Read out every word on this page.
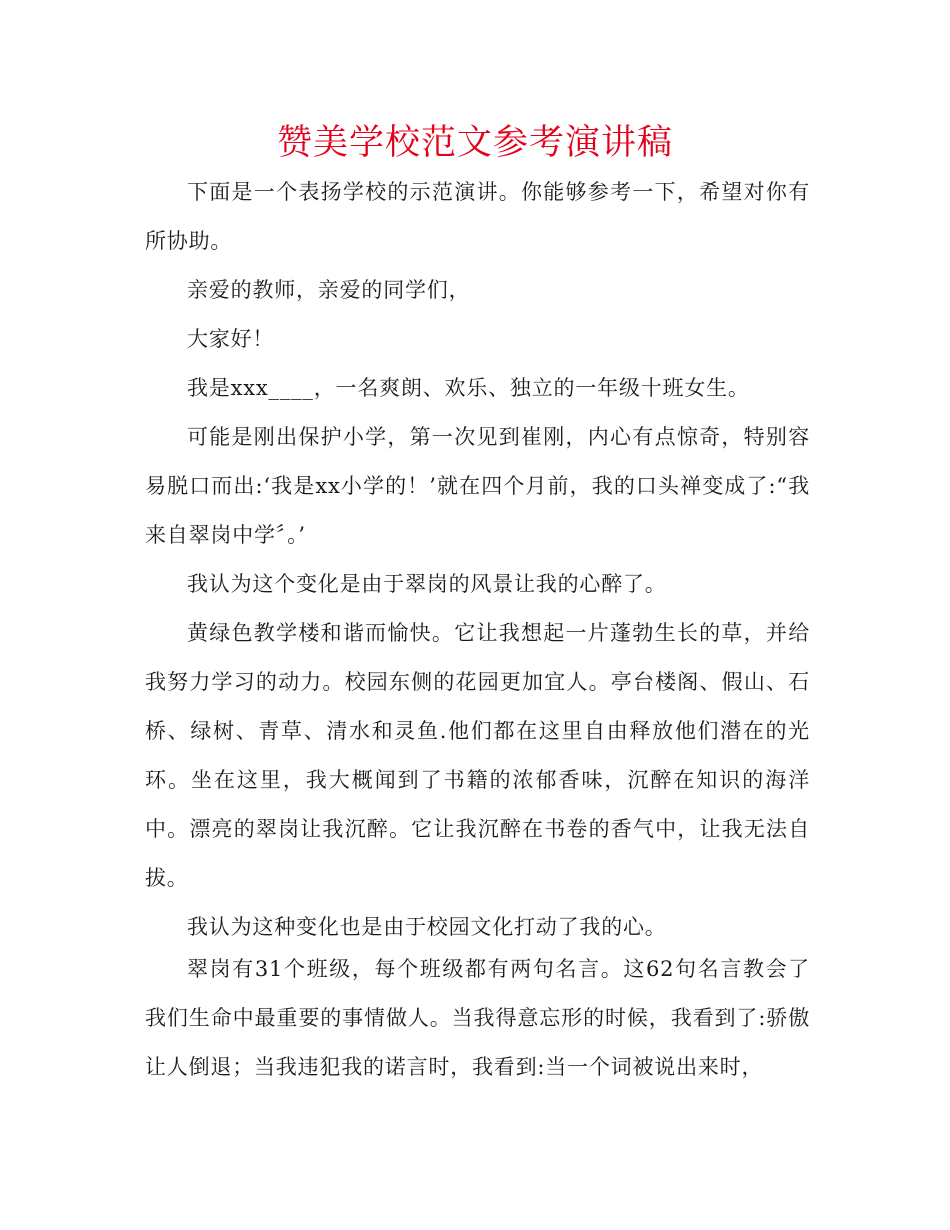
赞美学校范文参考演讲稿

下面是一个表扬学校的示范演讲。你能够参考一下，希望对你有所协助。

亲爱的教师，亲爱的同学们，

大家好！

我是xxx____，一名爽朗、欢乐、独立的一年级十班女生。

可能是刚出保护小学，第一次见到崔刚，内心有点惊奇，特别容易脱口而出:‘我是xx小学的！’就在四个月前，我的口头禅变成了:“我来自翠岗中学〞。’

我认为这个变化是由于翠岗的风景让我的心醉了。

黄绿色教学楼和谐而愉快。它让我想起一片蓬勃生长的草，并给我努力学习的动力。校园东侧的花园更加宜人。亭台楼阁、假山、石桥、绿树、青草、清水和灵鱼.他们都在这里自由释放他们潜在的光环。坐在这里，我大概闻到了书籍的浓郁香味，沉醉在知识的海洋中。漂亮的翠岗让我沉醉。它让我沉醉在书卷的香气中，让我无法自拔。

我认为这种变化也是由于校园文化打动了我的心。

翠岗有31个班级，每个班级都有两句名言。这62句名言教会了我们生命中最重要的事情做人。当我得意忘形的时候，我看到了:骄傲让人倒退；当我违犯我的诺言时，我看到:当一个词被说出来时，
